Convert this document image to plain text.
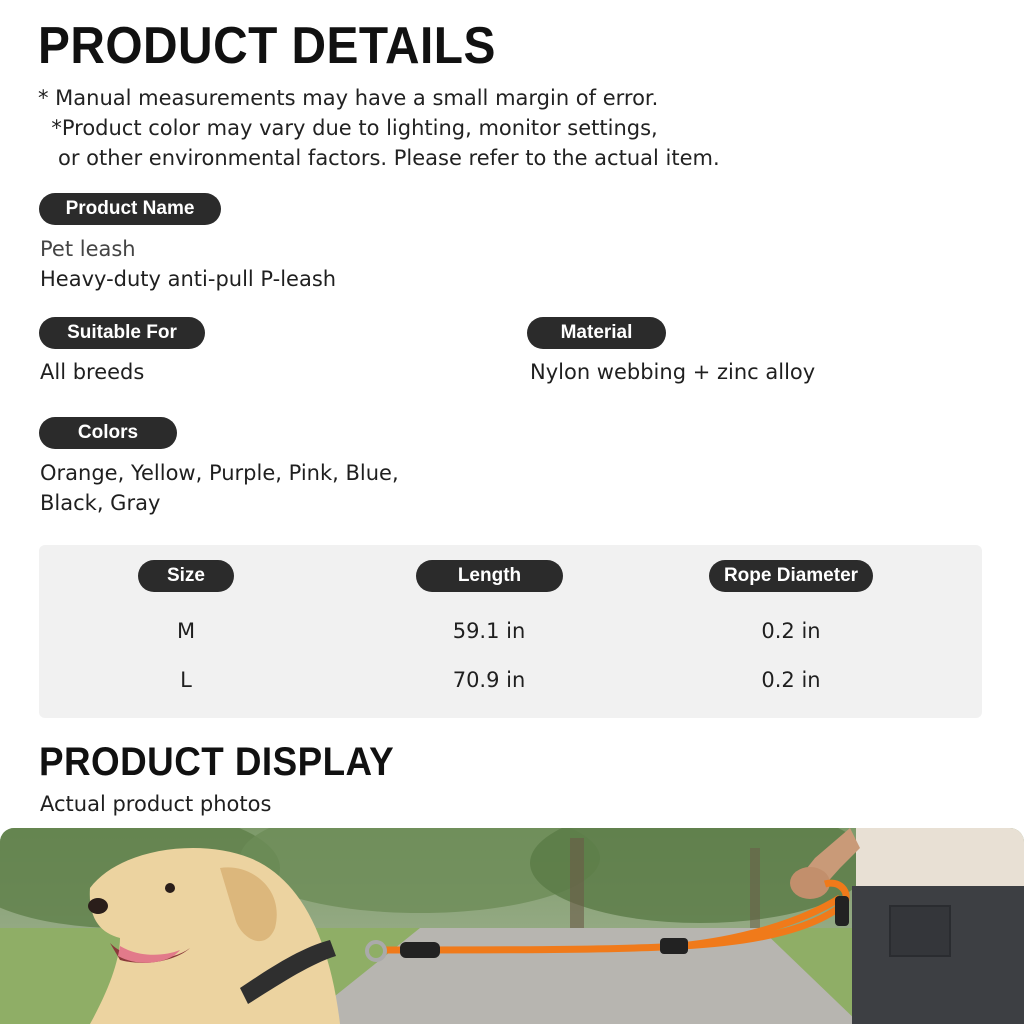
PRODUCT DETAILS
* Manual measurements may have a small margin of error.
*Product color may vary due to lighting, monitor settings,
or other environmental factors. Please refer to the actual item.
Product Name
Pet leash
Heavy-duty anti-pull P-leash
Suitable For
All breeds
Material
Nylon webbing + zinc alloy
Colors
Orange, Yellow, Purple, Pink, Blue,
Black, Gray
Size	Length	Rope Diameter
M	59.1 in	0.2 in
L	70.9 in	0.2 in
PRODUCT DISPLAY
Actual product photos
